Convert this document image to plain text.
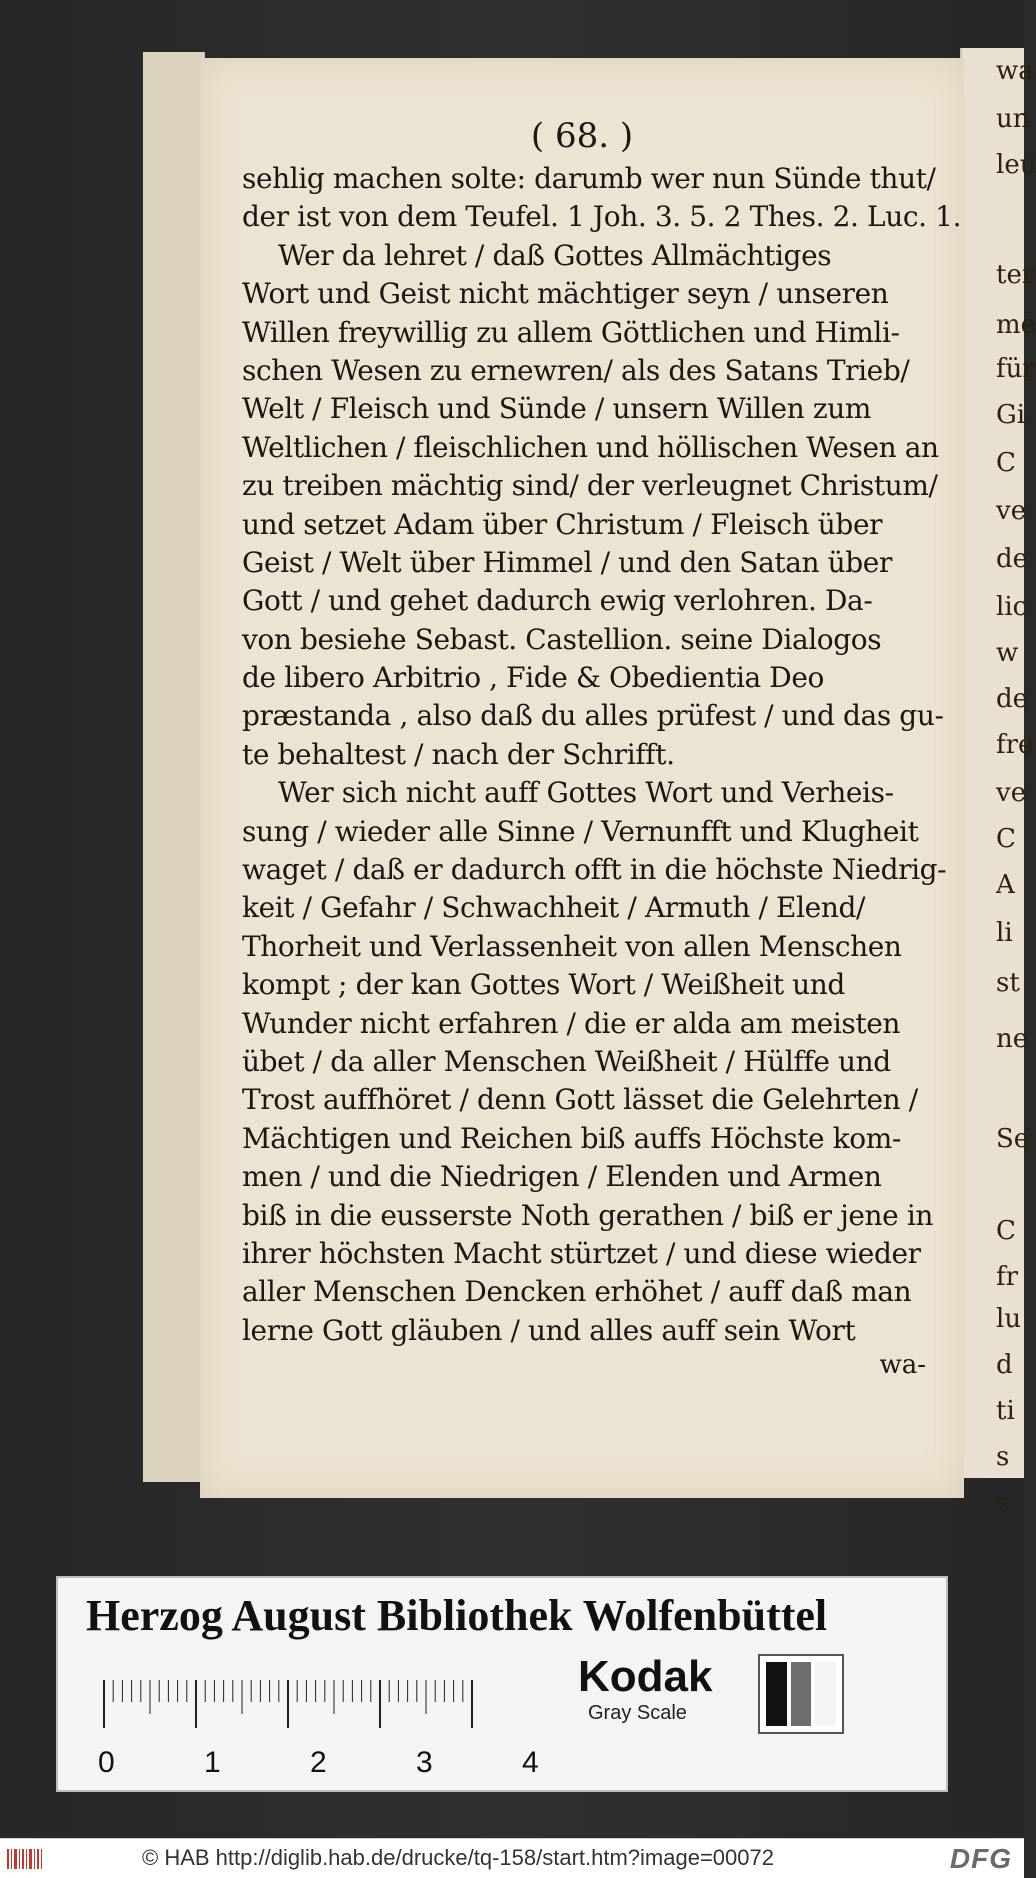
wa
un
leu
ter
me
für
Gi
C
ve
de
lic
w
de
fre
ve
C
A
li
st
ne
Se
C
fr
lu
d
ti
s
s
( 68. )
sehlig machen solte: darumb wer nun Sünde thut/
der ist von dem Teufel. 1 Joh. 3. 5. 2 Thes. 2. Luc. 1.
Wer da lehret / daß Gottes Allmächtiges
Wort und Geist nicht mächtiger seyn / unseren
Willen freywillig zu allem Göttlichen und Himli-
schen Wesen zu ernewren/ als des Satans Trieb/
Welt / Fleisch und Sünde / unsern Willen zum
Weltlichen / fleischlichen und höllischen Wesen an
zu treiben mächtig sind/ der verleugnet Christum/
und setzet Adam über Christum / Fleisch über
Geist / Welt über Himmel / und den Satan über
Gott / und gehet dadurch ewig verlohren. Da-
von besiehe Sebast. Castellion. seine Dialogos
de libero Arbitrio , Fide & Obedientia Deo
præstanda , also daß du alles prüfest / und das gu-
te behaltest / nach der Schrifft.
Wer sich nicht auff Gottes Wort und Verheis-
sung / wieder alle Sinne / Vernunfft und Klugheit
waget / daß er dadurch offt in die höchste Niedrig-
keit / Gefahr / Schwachheit / Armuth / Elend/
Thorheit und Verlassenheit von allen Menschen
kompt ; der kan Gottes Wort / Weißheit und
Wunder nicht erfahren / die er alda am meisten
übet / da aller Menschen Weißheit / Hülffe und
Trost auffhöret / denn Gott lässet die Gelehrten /
Mächtigen und Reichen biß auffs Höchste kom-
men / und die Niedrigen / Elenden und Armen
biß in die eusserste Noth gerathen / biß er jene in
ihrer höchsten Macht stürtzet / und diese wieder
aller Menschen Dencken erhöhet / auff daß man
lerne Gott gläuben / und alles auff sein Wort
wa-
Herzog August Bibliothek Wolfenbüttel
0	1	2	3	4
Kodak
Gray Scale
© HAB http://diglib.hab.de/drucke/tq-158/start.htm?image=00072	DFG
